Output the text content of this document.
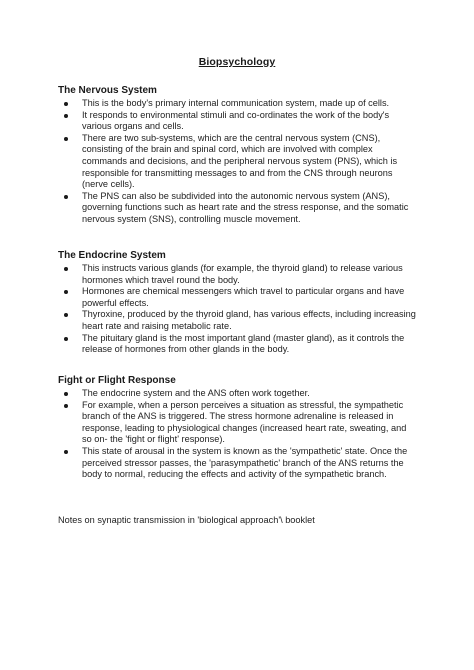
Biopsychology
The Nervous System
This is the body's primary internal communication system, made up of cells.
It responds to environmental stimuli and co-ordinates the work of the body's various organs and cells.
There are two sub-systems, which are the central nervous system (CNS), consisting of the brain and spinal cord, which are involved with complex commands and decisions, and the peripheral nervous system (PNS), which is responsible for transmitting messages to and from the CNS through neurons (nerve cells).
The PNS can also be subdivided into the autonomic nervous system (ANS), governing functions such as heart rate and the stress response, and the somatic nervous system (SNS), controlling muscle movement.
The Endocrine System
This instructs various glands (for example, the thyroid gland) to release various hormones which travel round the body.
Hormones are chemical messengers which travel to particular organs and have powerful effects.
Thyroxine, produced by the thyroid gland, has various effects, including increasing heart rate and raising metabolic rate.
The pituitary gland is the most important gland (master gland), as it controls the release of hormones from other glands in the body.
Fight or Flight Response
The endocrine system and the ANS often work together.
For example, when a person perceives a situation as stressful, the sympathetic branch of the ANS is triggered. The stress hormone adrenaline is released in response, leading to physiological changes (increased heart rate, sweating, and so on- the 'fight or flight' response).
This state of arousal in the system is known as the 'sympathetic' state. Once the perceived stressor passes, the 'parasympathetic' branch of the ANS returns the body to normal, reducing the effects and activity of the sympathetic branch.
Notes on synaptic transmission in 'biological approach'\ booklet
